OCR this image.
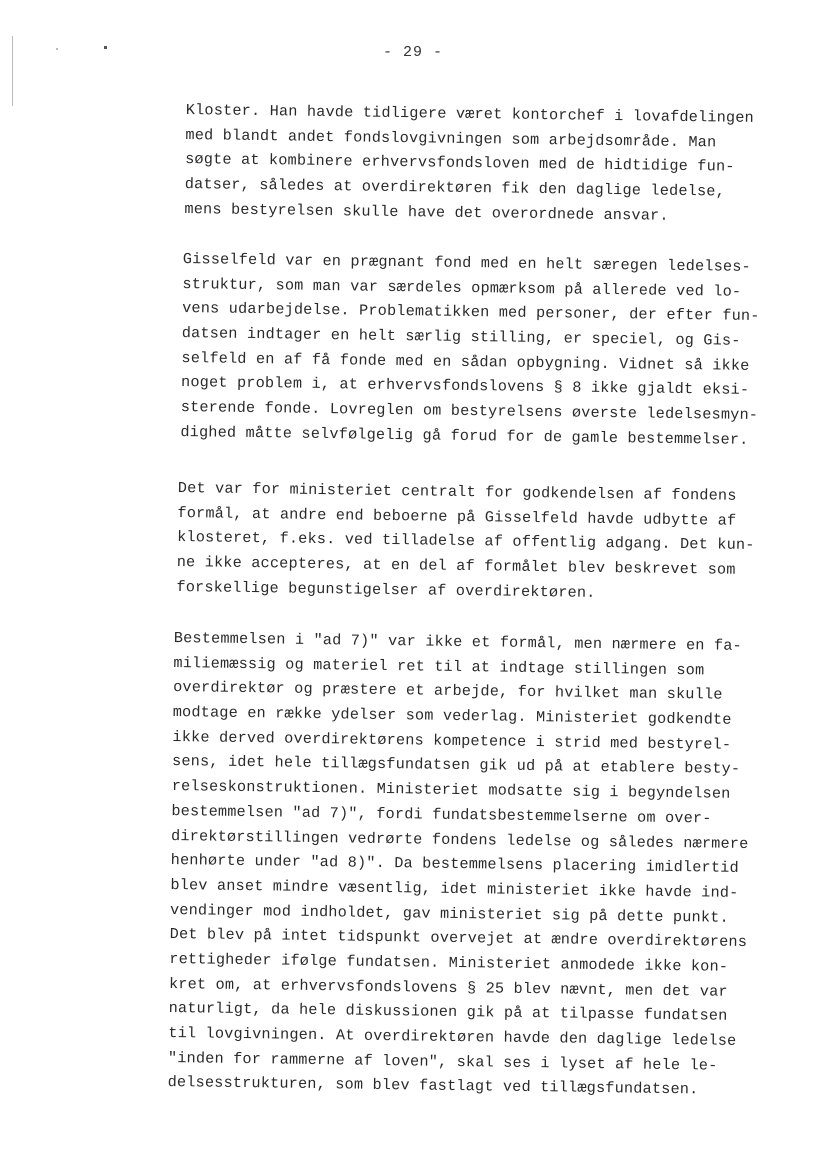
- 29 -
Kloster. Han havde tidligere været kontorchef i lovafdelingen
med blandt andet fondslovgivningen som arbejdsområde. Man
søgte at kombinere erhvervsfondsloven med de hidtidige fun-
datser, således at overdirektøren fik den daglige ledelse,
mens bestyrelsen skulle have det overordnede ansvar.
Gisselfeld var en prægnant fond med en helt særegen ledelses-
struktur, som man var særdeles opmærksom på allerede ved lo-
vens udarbejdelse. Problematikken med personer, der efter fun-
datsen indtager en helt særlig stilling, er speciel, og Gis-
selfeld en af få fonde med en sådan opbygning. Vidnet så ikke
noget problem i, at erhvervsfondslovens § 8 ikke gjaldt eksi-
sterende fonde. Lovreglen om bestyrelsens øverste ledelsesmyn-
dighed måtte selvfølgelig gå forud for de gamle bestemmelser.
Det var for ministeriet centralt for godkendelsen af fondens
formål, at andre end beboerne på Gisselfeld havde udbytte af
klosteret, f.eks. ved tilladelse af offentlig adgang. Det kun-
ne ikke accepteres, at en del af formålet blev beskrevet som
forskellige begunstigelser af overdirektøren.
Bestemmelsen i "ad 7)" var ikke et formål, men nærmere en fa-
miliemæssig og materiel ret til at indtage stillingen som
overdirektør og præstere et arbejde, for hvilket man skulle
modtage en række ydelser som vederlag. Ministeriet godkendte
ikke derved overdirektørens kompetence i strid med bestyrel-
sens, idet hele tillægsfundatsen gik ud på at etablere besty-
relseskonstruktionen. Ministeriet modsatte sig i begyndelsen
bestemmelsen "ad 7)", fordi fundatsbestemmelserne om over-
direktørstillingen vedrørte fondens ledelse og således nærmere
henhørte under "ad 8)". Da bestemmelsens placering imidlertid
blev anset mindre væsentlig, idet ministeriet ikke havde ind-
vendinger mod indholdet, gav ministeriet sig på dette punkt.
Det blev på intet tidspunkt overvejet at ændre overdirektørens
rettigheder ifølge fundatsen. Ministeriet anmodede ikke kon-
kret om, at erhvervsfondslovens § 25 blev nævnt, men det var
naturligt, da hele diskussionen gik på at tilpasse fundatsen
til lovgivningen. At overdirektøren havde den daglige ledelse
"inden for rammerne af loven", skal ses i lyset af hele le-
delsesstrukturen, som blev fastlagt ved tillægsfundatsen.
